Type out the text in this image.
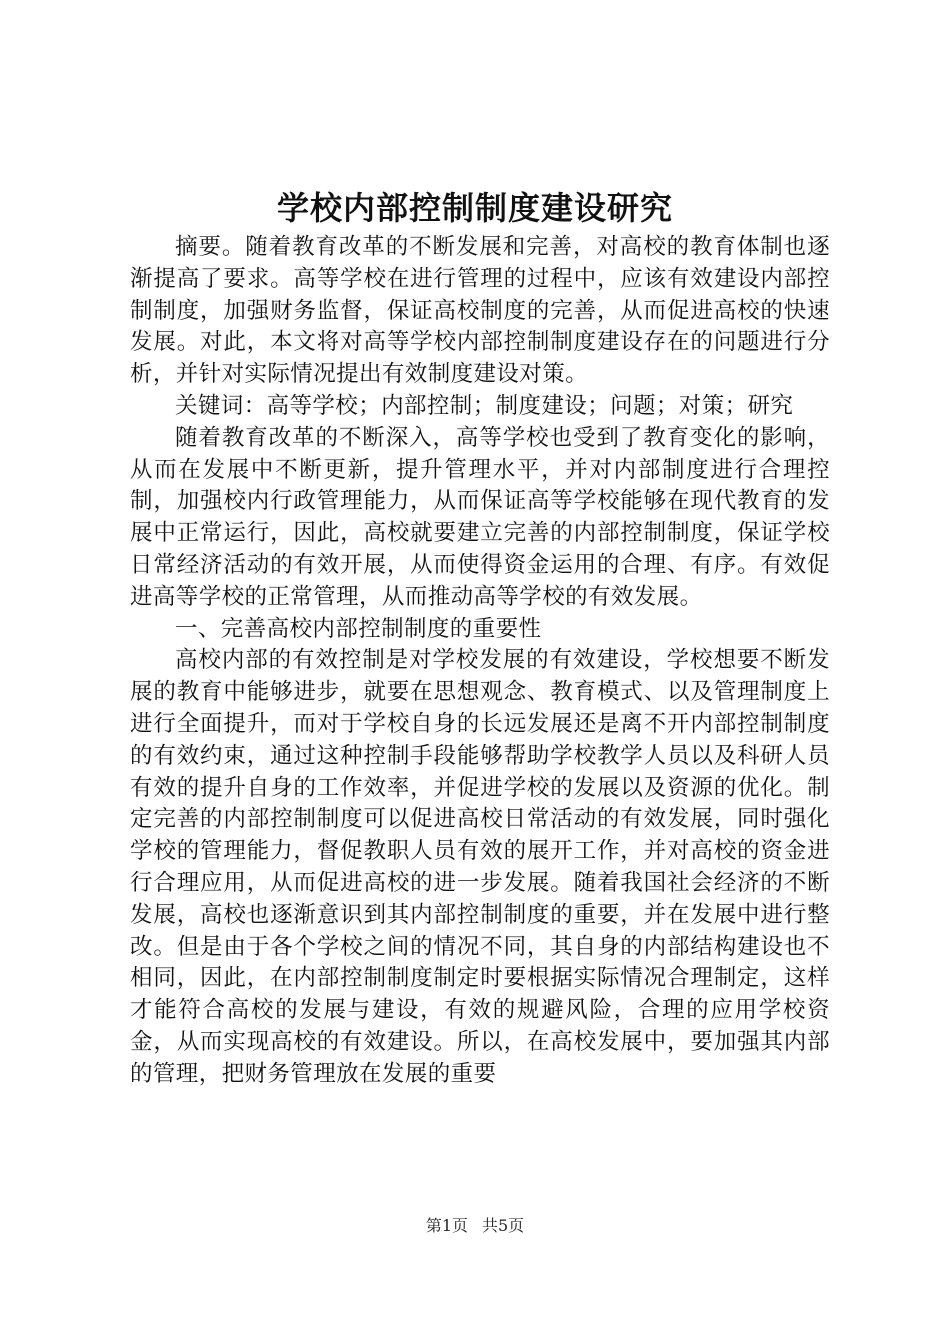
学校内部控制制度建设研究

摘要。随着教育改革的不断发展和完善，对高校的教育体制也逐渐提高了要求。高等学校在进行管理的过程中，应该有效建设内部控制制度，加强财务监督，保证高校制度的完善，从而促进高校的快速发展。对此，本文将对高等学校内部控制制度建设存在的问题进行分析，并针对实际情况提出有效制度建设对策。

关键词：高等学校；内部控制；制度建设；问题；对策；研究

随着教育改革的不断深入，高等学校也受到了教育变化的影响，从而在发展中不断更新，提升管理水平，并对内部制度进行合理控制，加强校内行政管理能力，从而保证高等学校能够在现代教育的发展中正常运行，因此，高校就要建立完善的内部控制制度，保证学校日常经济活动的有效开展，从而使得资金运用的合理、有序。有效促进高等学校的正常管理，从而推动高等学校的有效发展。

一、完善高校内部控制制度的重要性

高校内部的有效控制是对学校发展的有效建设，学校想要不断发展的教育中能够进步，就要在思想观念、教育模式、以及管理制度上进行全面提升，而对于学校自身的长远发展还是离不开内部控制制度的有效约束，通过这种控制手段能够帮助学校教学人员以及科研人员有效的提升自身的工作效率，并促进学校的发展以及资源的优化。制定完善的内部控制制度可以促进高校日常活动的有效发展，同时强化学校的管理能力，督促教职人员有效的展开工作，并对高校的资金进行合理应用，从而促进高校的进一步发展。随着我国社会经济的不断发展，高校也逐渐意识到其内部控制制度的重要，并在发展中进行整改。但是由于各个学校之间的情况不同，其自身的内部结构建设也不相同，因此，在内部控制制度制定时要根据实际情况合理制定，这样才能符合高校的发展与建设，有效的规避风险，合理的应用学校资金，从而实现高校的有效建设。所以，在高校发展中，要加强其内部的管理，把财务管理放在发展的重要

第1页 共5页
